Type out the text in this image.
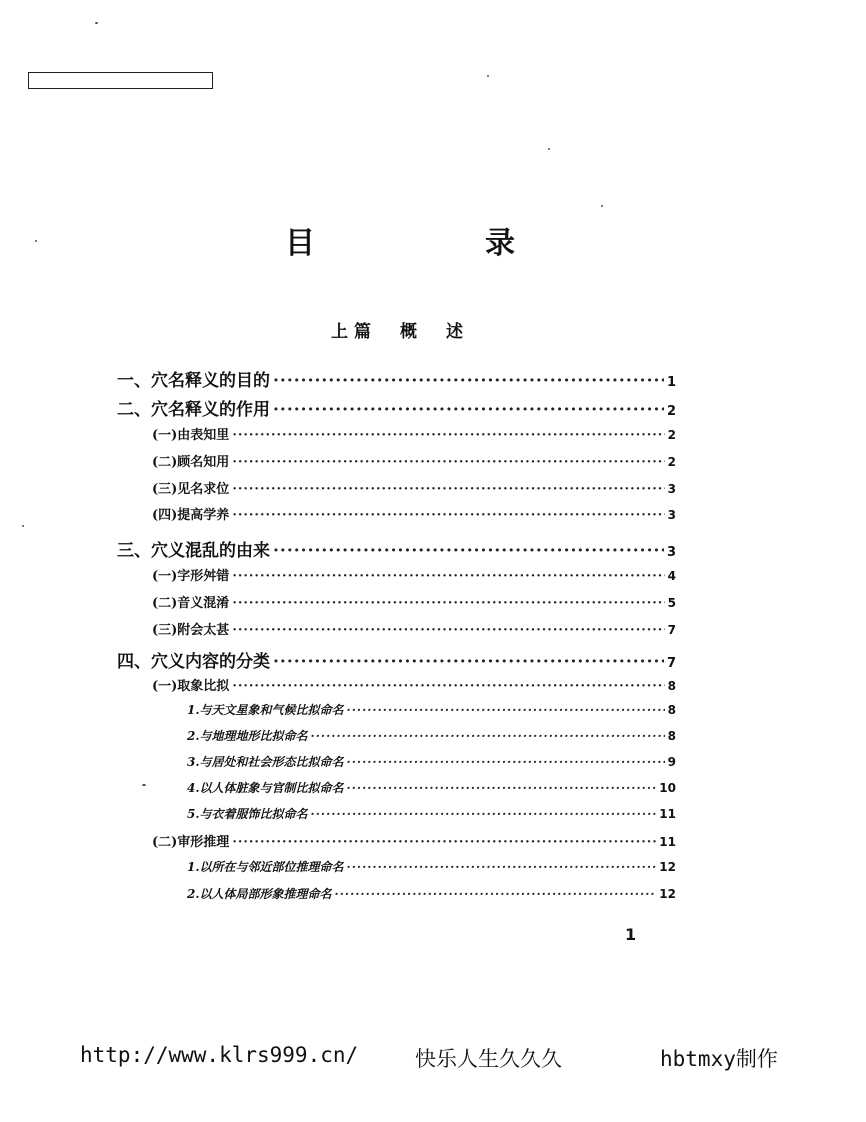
目　录
上篇　概　述
一、穴名释义的目的 ·····	1
二、穴名释义的作用 ·····	2
(一)由表知里 ·····	2
(二)顾名知用 ·····	2
(三)见名求位 ·····	3
(四)提高学养 ·····	3
三、穴义混乱的由来 ·····	3
(一)字形舛错 ·····	4
(二)音义混淆 ·····	5
(三)附会太甚 ·····	7
四、穴义内容的分类 ·····	7
(一)取象比拟 ·····	8
1.与天文星象和气候比拟命名 ·····	8
2.与地理地形比拟命名 ·····	8
3.与居处和社会形态比拟命名 ·····	9
4.以人体脏象与官制比拟命名 ·····	10
5.与衣着服饰比拟命名 ·····	11
(二)审形推理 ·····	11
1.以所在与邻近部位推理命名 ·····	12
2.以人体局部形象推理命名 ·····	12
1
http://www.klrs999.cn/	快乐人生久久久	hbtmxy制作
